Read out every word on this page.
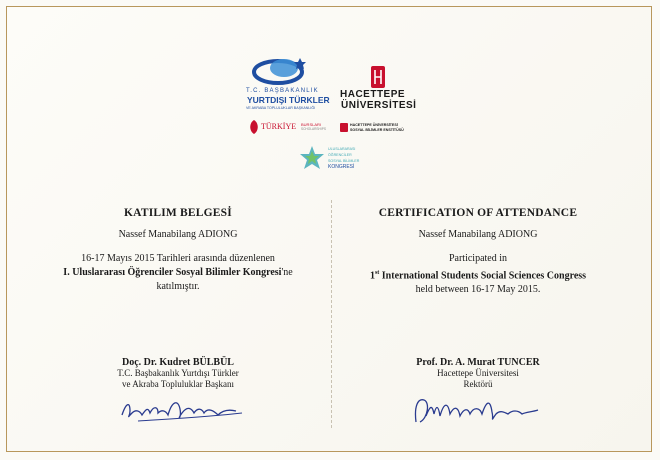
T.C. BAŞBAKANLIK
YURTDIŞI TÜRKLER
VE AKRABA TOPLULUKLAR BAŞKANLIĞI
TÜRKİYE BURSLARI
SCHOLARSHIPS
HACETTEPE
ÜNİVERSİTESİ
HACETTEPE ÜNİVERSİTESİ
SOSYAL BİLİMLER ENSTİTÜSÜ
ULUSLARARASI
ÖĞRENCİLER
SOSYAL BİLİMLER
KONGRESİ
KATILIM BELGESİ
Nassef Manabilang ADIONG
16-17 Mayıs 2015 Tarihleri arasında düzenlenen
I. Uluslararası Öğrenciler Sosyal Bilimler Kongresi'ne
katılmıştır.
CERTIFICATION OF ATTENDANCE
Nassef Manabilang ADIONG
Participated in
1st International Students Social Sciences Congress
held between 16-17 May 2015.
Doç. Dr. Kudret BÜLBÜL
T.C. Başbakanlık Yurtdışı Türkler
ve Akraba Topluluklar Başkanı
Prof. Dr. A. Murat TUNCER
Hacettepe Üniversitesi
Rektörü
